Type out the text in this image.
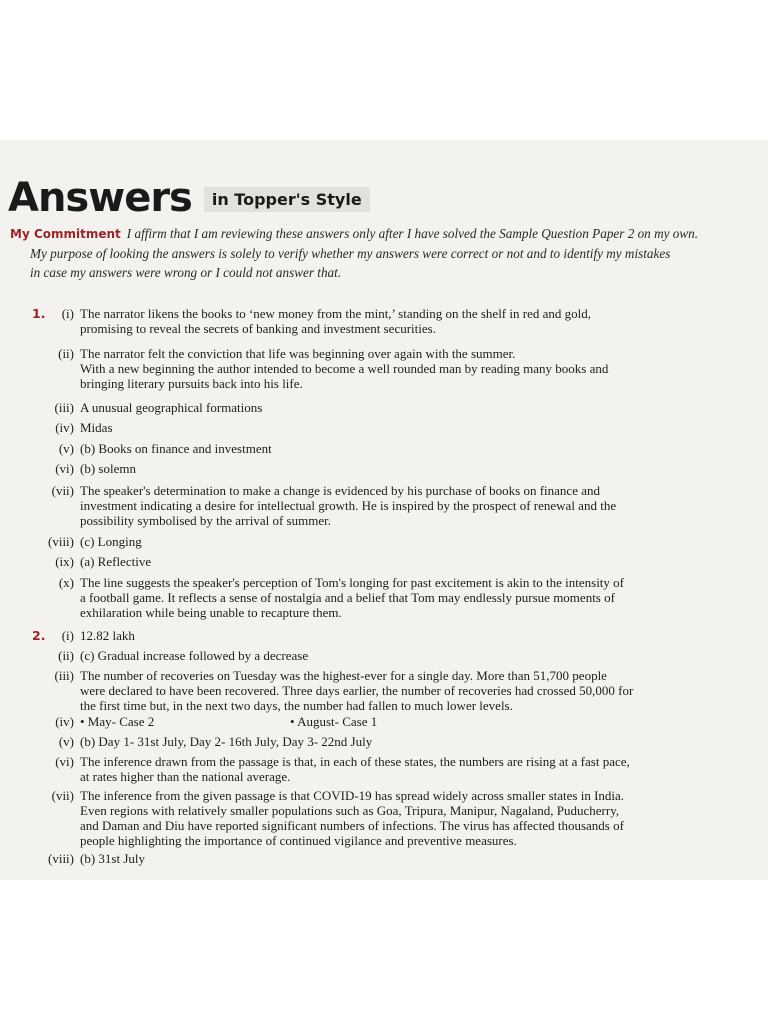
Answers	in Topper's Style
My Commitment I affirm that I am reviewing these answers only after I have solved the Sample Question Paper 2 on my own.
My purpose of looking the answers is solely to verify whether my answers were correct or not and to identify my mistakes
in case my answers were wrong or I could not answer that.
1.	(i) The narrator likens the books to ‘new money from the mint,’ standing on the shelf in red and gold,
promising to reveal the secrets of banking and investment securities.
(ii) The narrator felt the conviction that life was beginning over again with the summer.
With a new beginning the author intended to become a well rounded man by reading many books and
bringing literary pursuits back into his life.
(iii) A unusual geographical formations
(iv) Midas
(v) (b) Books on finance and investment
(vi) (b) solemn
(vii) The speaker's determination to make a change is evidenced by his purchase of books on finance and
investment indicating a desire for intellectual growth. He is inspired by the prospect of renewal and the
possibility symbolised by the arrival of summer.
(viii) (c) Longing
(ix) (a) Reflective
(x) The line suggests the speaker's perception of Tom's longing for past excitement is akin to the intensity of
a football game. It reflects a sense of nostalgia and a belief that Tom may endlessly pursue moments of
exhilaration while being unable to recapture them.
2.	(i) 12.82 lakh
(ii) (c) Gradual increase followed by a decrease
(iii) The number of recoveries on Tuesday was the highest-ever for a single day. More than 51,700 people
were declared to have been recovered. Three days earlier, the number of recoveries had crossed 50,000 for
the first time but, in the next two days, the number had fallen to much lower levels.
(iv) • May- Case 2	• August- Case 1
(v) (b) Day 1- 31st July, Day 2- 16th July, Day 3- 22nd July
(vi) The inference drawn from the passage is that, in each of these states, the numbers are rising at a fast pace,
at rates higher than the national average.
(vii) The inference from the given passage is that COVID-19 has spread widely across smaller states in India.
Even regions with relatively smaller populations such as Goa, Tripura, Manipur, Nagaland, Puducherry,
and Daman and Diu have reported significant numbers of infections. The virus has affected thousands of
people highlighting the importance of continued vigilance and preventive measures.
(viii) (b) 31st July
